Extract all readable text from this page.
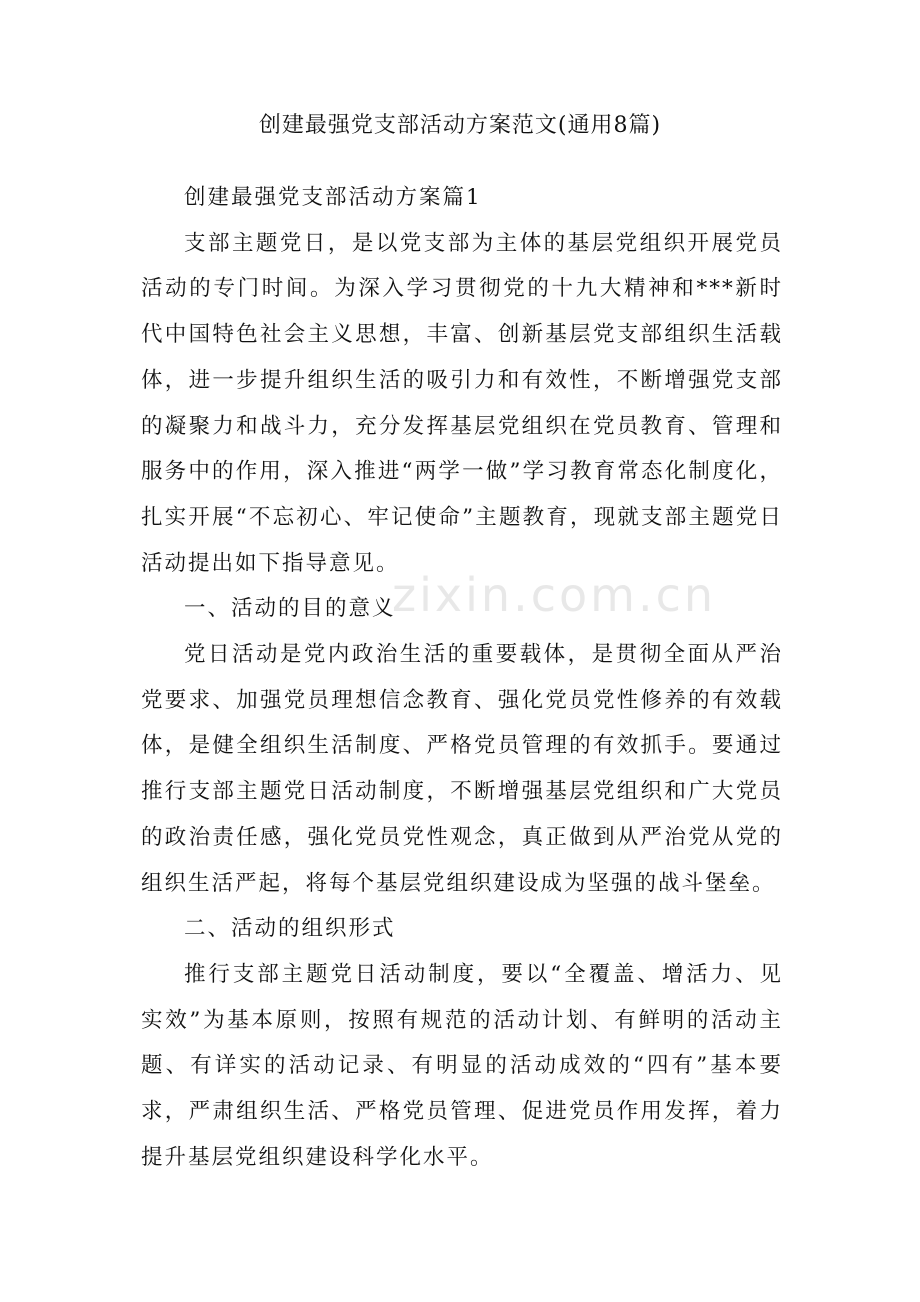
创建最强党支部活动方案范文(通用8篇)

创建最强党支部活动方案篇1

支部主题党日，是以党支部为主体的基层党组织开展党员活动的专门时间。为深入学习贯彻党的十九大精神和***新时代中国特色社会主义思想，丰富、创新基层党支部组织生活载体，进一步提升组织生活的吸引力和有效性，不断增强党支部的凝聚力和战斗力，充分发挥基层党组织在党员教育、管理和服务中的作用，深入推进“两学一做”学习教育常态化制度化，扎实开展“不忘初心、牢记使命”主题教育，现就支部主题党日活动提出如下指导意见。

一、活动的目的意义

党日活动是党内政治生活的重要载体，是贯彻全面从严治党要求、加强党员理想信念教育、强化党员党性修养的有效载体，是健全组织生活制度、严格党员管理的有效抓手。要通过推行支部主题党日活动制度，不断增强基层党组织和广大党员的政治责任感，强化党员党性观念，真正做到从严治党从党的组织生活严起，将每个基层党组织建设成为坚强的战斗堡垒。

二、活动的组织形式

推行支部主题党日活动制度，要以“全覆盖、增活力、见实效”为基本原则，按照有规范的活动计划、有鲜明的活动主题、有详实的活动记录、有明显的活动成效的“四有”基本要求，严肃组织生活、严格党员管理、促进党员作用发挥，着力提升基层党组织建设科学化水平。

zixin.com.cn
